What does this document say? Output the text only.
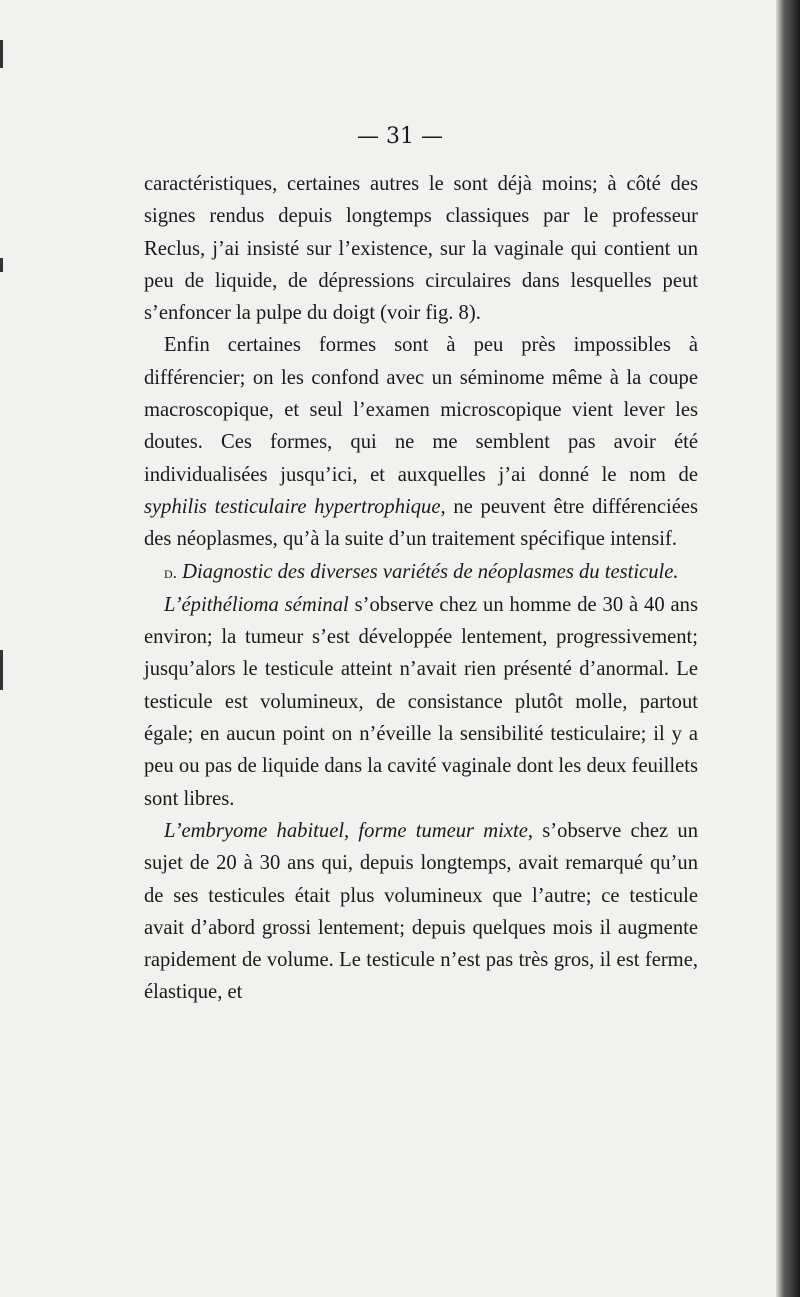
— 31 —

caractéristiques, certaines autres le sont déjà moins; à côté des signes rendus depuis longtemps classiques par le professeur Reclus, j’ai insisté sur l’existence, sur la vaginale qui contient un peu de liquide, de dépressions circulaires dans lesquelles peut s’enfoncer la pulpe du doigt (voir fig. 8).

Enfin certaines formes sont à peu près impossibles à différencier; on les confond avec un séminome même à la coupe macroscopique, et seul l’examen microscopique vient lever les doutes. Ces formes, qui ne me semblent pas avoir été individualisées jusqu’ici, et auxquelles j’ai donné le nom de syphilis testiculaire hypertrophique, ne peuvent être différenciées des néoplasmes, qu’à la suite d’un traitement spécifique intensif.

d. Diagnostic des diverses variétés de néoplasmes du testicule.

L’épithélioma séminal s’observe chez un homme de 30 à 40 ans environ; la tumeur s’est développée lentement, progressivement; jusqu’alors le testicule atteint n’avait rien présenté d’anormal. Le testicule est volumineux, de consistance plutôt molle, partout égale; en aucun point on n’éveille la sensibilité testiculaire; il y a peu ou pas de liquide dans la cavité vaginale dont les deux feuillets sont libres.

L’embryome habituel, forme tumeur mixte, s’observe chez un sujet de 20 à 30 ans qui, depuis longtemps, avait remarqué qu’un de ses testicules était plus volumineux que l’autre; ce testicule avait d’abord grossi lentement; depuis quelques mois il augmente rapidement de volume. Le testicule n’est pas très gros, il est ferme, élastique, et
